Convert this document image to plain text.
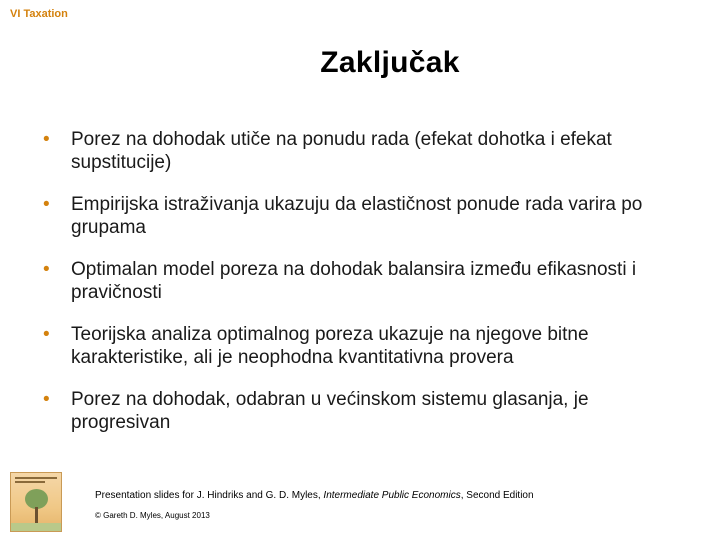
VI Taxation
Zaključak
• Porez na dohodak utiče na ponudu rada (efekat dohotka i efekat supstitucije)
• Empirijska istraživanja ukazuju da elastičnost ponude rada varira po grupama
• Optimalan model poreza na dohodak balansira između efikasnosti i pravičnosti
• Teorijska analiza optimalnog poreza ukazuje na njegove bitne karakteristike, ali je neophodna kvantitativna provera
• Porez na dohodak, odabran u većinskom sistemu glasanja, je progresivan
Presentation slides for J. Hindriks and G. D. Myles, Intermediate Public Economics, Second Edition
© Gareth D. Myles, August 2013
